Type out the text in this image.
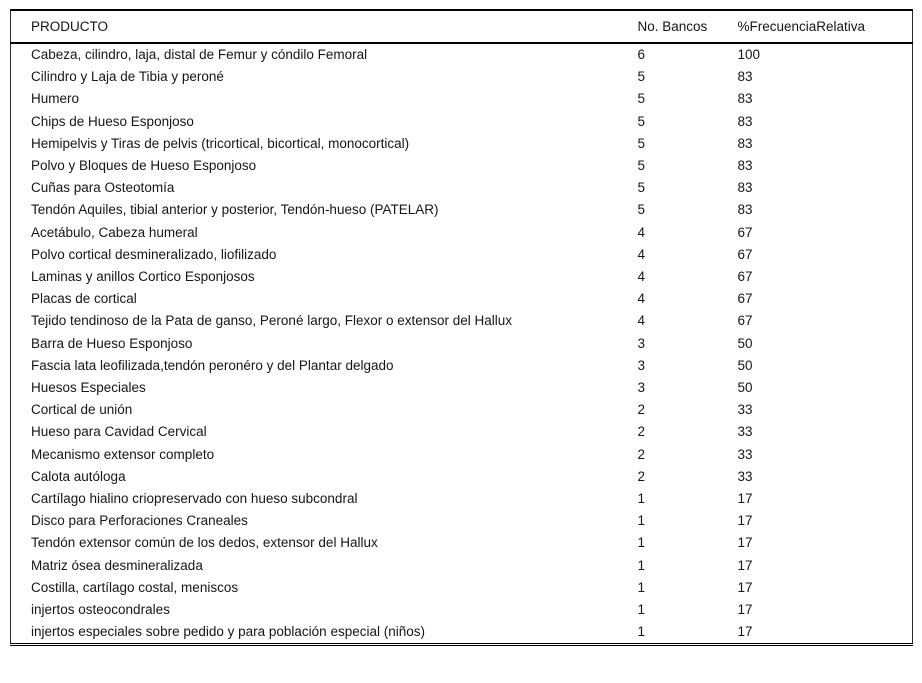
PRODUCTO	No. Bancos	%FrecuenciaRelativa
Cabeza, cilindro, laja, distal de Femur y cóndilo Femoral	6	100
Cilindro y Laja de Tibia y peroné	5	83
Humero	5	83
Chips de Hueso Esponjoso	5	83
Hemipelvis y Tiras de pelvis (tricortical, bicortical, monocortical)	5	83
Polvo y Bloques de Hueso Esponjoso	5	83
Cuñas para Osteotomía	5	83
Tendón Aquiles, tibial anterior y posterior, Tendón-hueso (PATELAR)	5	83
Acetábulo, Cabeza humeral	4	67
Polvo cortical desmineralizado, liofilizado	4	67
Laminas y anillos Cortico Esponjosos	4	67
Placas de cortical	4	67
Tejido tendinoso de la Pata de ganso, Peroné largo, Flexor o extensor del Hallux	4	67
Barra de Hueso Esponjoso	3	50
Fascia lata leofilizada,tendón peronéro y del Plantar delgado	3	50
Huesos Especiales	3	50
Cortical de unión	2	33
Hueso para Cavidad Cervical	2	33
Mecanismo extensor completo	2	33
Calota autóloga	2	33
Cartílago hialino criopreservado con hueso subcondral	1	17
Disco para Perforaciones Craneales	1	17
Tendón extensor común de los dedos, extensor del Hallux	1	17
Matriz ósea desmineralizada	1	17
Costilla, cartílago costal, meniscos	1	17
injertos osteocondrales	1	17
injertos especiales sobre pedido y para población especial (niños)	1	17
